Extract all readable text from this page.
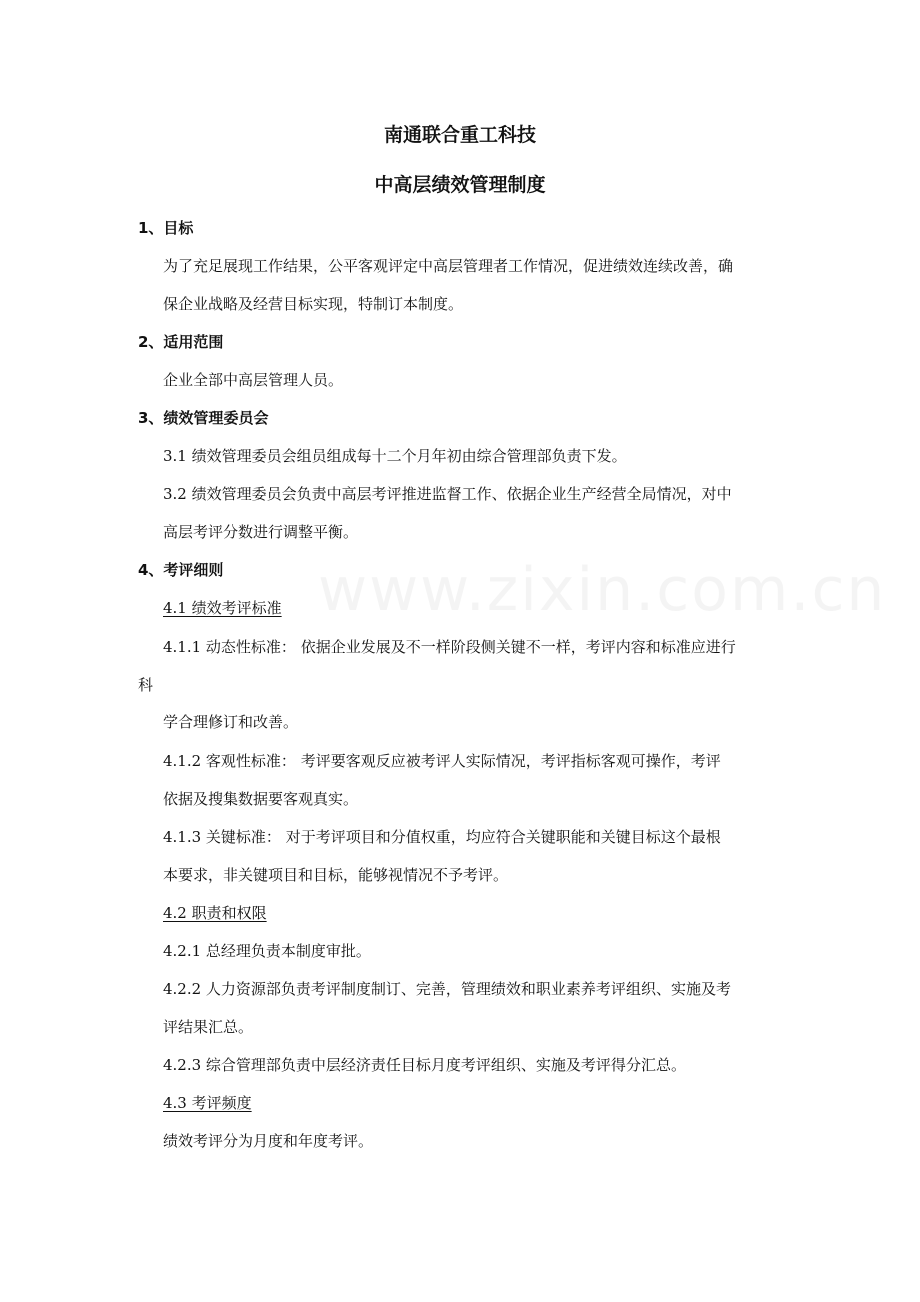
www.zixin.com.cn
南通联合重工科技
中高层绩效管理制度
1、目标
为了充足展现工作结果，公平客观评定中高层管理者工作情况，促进绩效连续改善，确
保企业战略及经营目标实现，特制订本制度。
2、适用范围
企业全部中高层管理人员。
3、绩效管理委员会
3.1 绩效管理委员会组员组成每十二个月年初由综合管理部负责下发。
3.2 绩效管理委员会负责中高层考评推进监督工作、依据企业生产经营全局情况，对中
高层考评分数进行调整平衡。
4、考评细则
4.1 绩效考评标准
4.1.1 动态性标准： 依据企业发展及不一样阶段侧关键不一样，考评内容和标准应进行
科
学合理修订和改善。
4.1.2 客观性标准： 考评要客观反应被考评人实际情况，考评指标客观可操作，考评
依据及搜集数据要客观真实。
4.1.3 关键标准： 对于考评项目和分值权重，均应符合关键职能和关键目标这个最根
本要求，非关键项目和目标，能够视情况不予考评。
4.2 职责和权限
4.2.1 总经理负责本制度审批。
4.2.2 人力资源部负责考评制度制订、完善，管理绩效和职业素养考评组织、实施及考
评结果汇总。
4.2.3 综合管理部负责中层经济责任目标月度考评组织、实施及考评得分汇总。
4.3 考评频度
绩效考评分为月度和年度考评。
